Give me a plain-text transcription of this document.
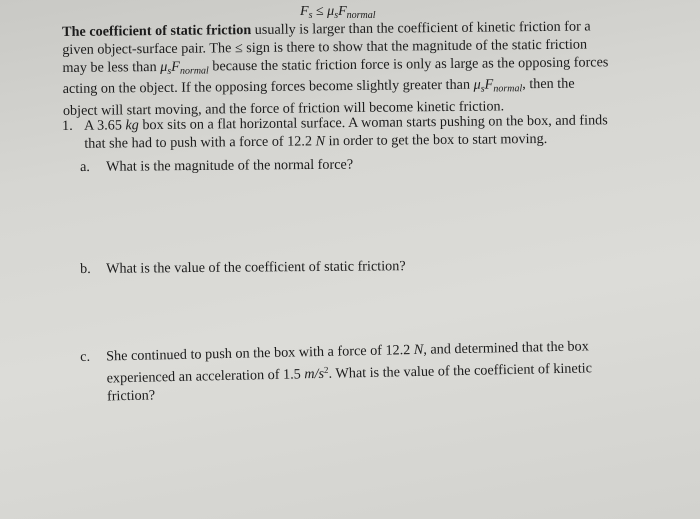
$F_s \le \mu_sF_{normal}$
The coefficient of static friction usually is larger than the coefficient of kinetic friction for a
given object-surface pair. The ≤ sign is there to show that the magnitude of the static friction
may be less than $\mu_sF_{normal}$ because the static friction force is only as large as the opposing forces
acting on the object. If the opposing forces become slightly greater than $\mu_sF_{normal}$, then the
object will start moving, and the force of friction will become kinetic friction.
1. A 3.65 kg box sits on a flat horizontal surface. A woman starts pushing on the box, and finds
that she had to push with a force of 12.2 N in order to get the box to start moving.
a. What is the magnitude of the normal force?
b. What is the value of the coefficient of static friction?
c. She continued to push on the box with a force of 12.2 N, and determined that the box
experienced an acceleration of 1.5 $m/s^2$. What is the value of the coefficient of kinetic
friction?
